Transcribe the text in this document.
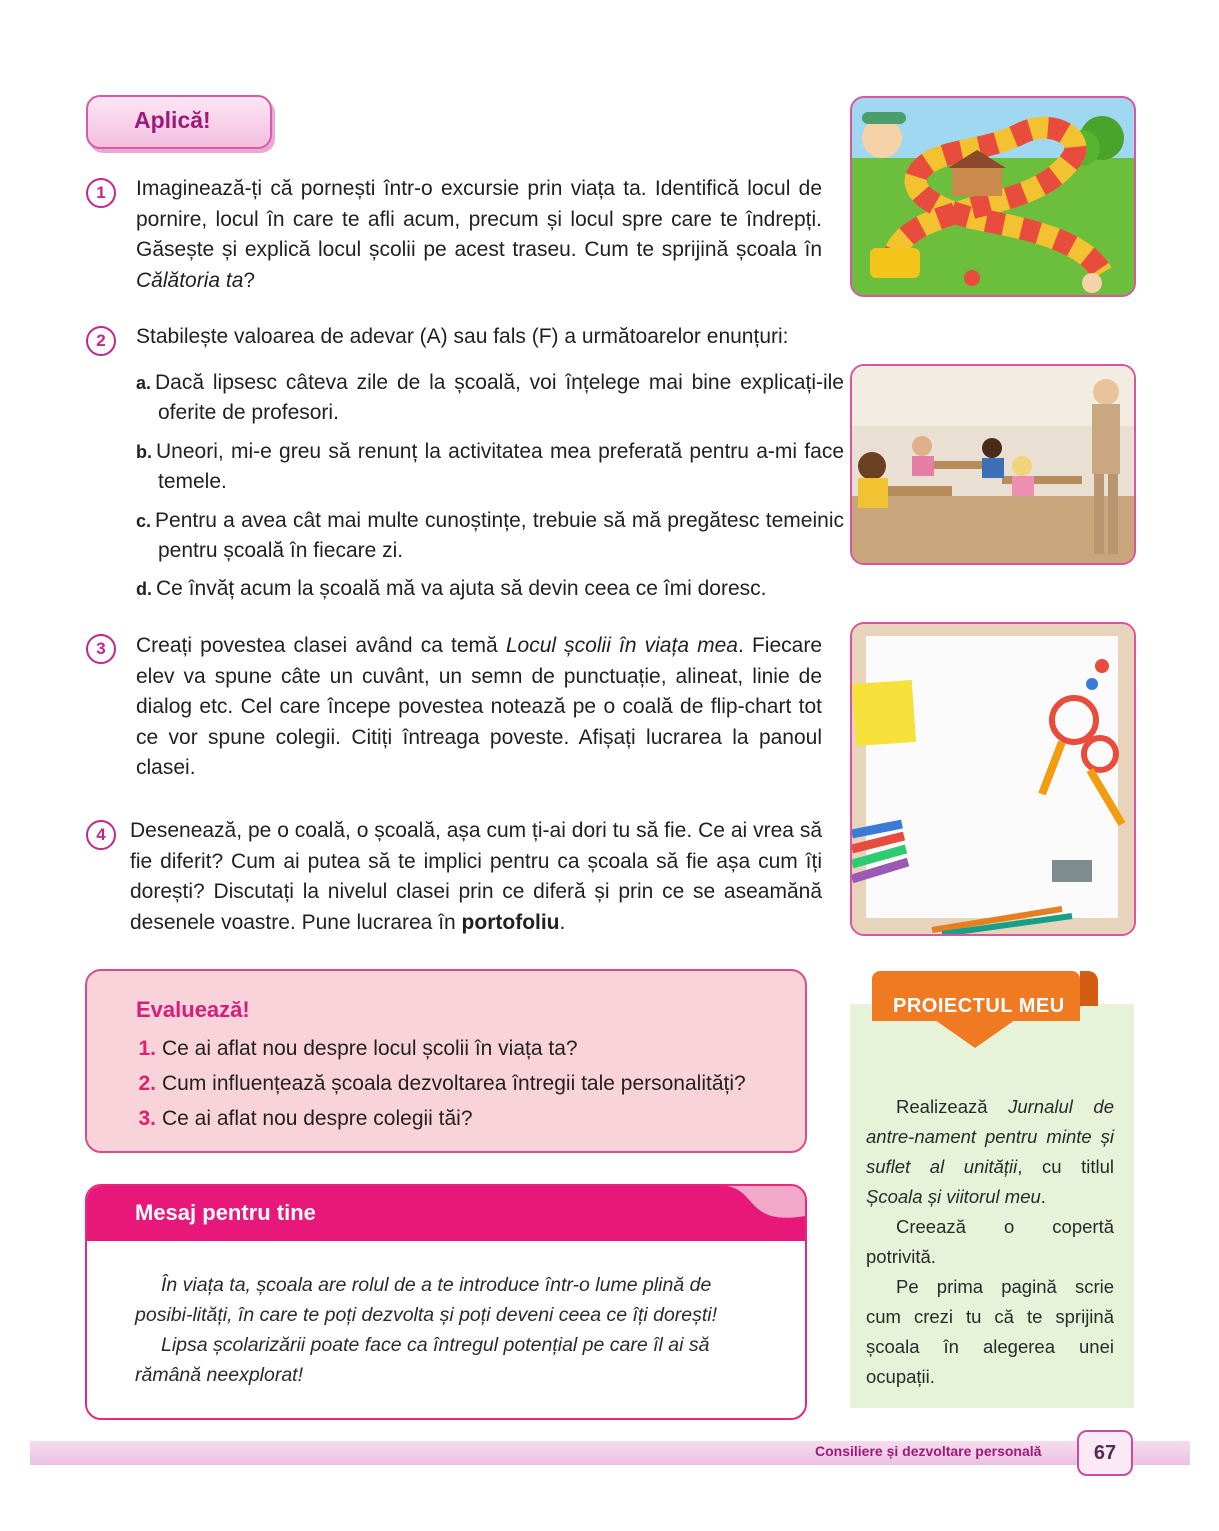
Aplică!
1	Imaginează-ți că pornești într-o excursie prin viața ta. Identifică locul de pornire, locul în care te afli acum, precum și locul spre care te îndrepți. Găsește și explică locul școlii pe acest traseu. Cum te sprijină școala în Călătoria ta?
2	Stabilește valoarea de adevar (A) sau fals (F) a următoarelor enunțuri:
a. Dacă lipsesc câteva zile de la școală, voi înțelege mai bine explicați-ile oferite de profesori.
b. Uneori, mi-e greu să renunț la activitatea mea preferată pentru a-mi face temele.
c. Pentru a avea cât mai multe cunoștințe, trebuie să mă pregătesc temeinic pentru școală în fiecare zi.
d. Ce învăț acum la școală mă va ajuta să devin ceea ce îmi doresc.
3	Creați povestea clasei având ca temă Locul școlii în viața mea. Fiecare elev va spune câte un cuvânt, un semn de punctuație, alineat, linie de dialog etc. Cel care începe povestea notează pe o coală de flip-chart tot ce vor spune colegii. Citiți întreaga poveste. Afișați lucrarea la panoul clasei.
4	Desenează, pe o coală, o școală, așa cum ți-ai dori tu să fie. Ce ai vrea să fie diferit? Cum ai putea să te implici pentru ca școala să fie așa cum îți dorești? Discutați la nivelul clasei prin ce diferă și prin ce se aseamănă desenele voastre. Pune lucrarea în portofoliu.
Evaluează!
1. Ce ai aflat nou despre locul școlii în viața ta?
2. Cum influențează școala dezvoltarea întregii tale personalități?
3. Ce ai aflat nou despre colegii tăi?
Mesaj pentru tine
În viața ta, școala are rolul de a te introduce într-o lume plină de posibi-lități, în care te poți dezvolta și poți deveni ceea ce îți dorești!
Lipsa școlarizării poate face ca întregul potențial pe care îl ai să rămână neexplorat!
PROIECTUL MEU
Realizează Jurnalul de antre-nament pentru minte și suflet al unității, cu titlul Școala și viitorul meu.
Creează o copertă potrivită.
Pe prima pagină scrie cum crezi tu că te sprijină școala în alegerea unei ocupații.
Consiliere și dezvoltare personală	67
